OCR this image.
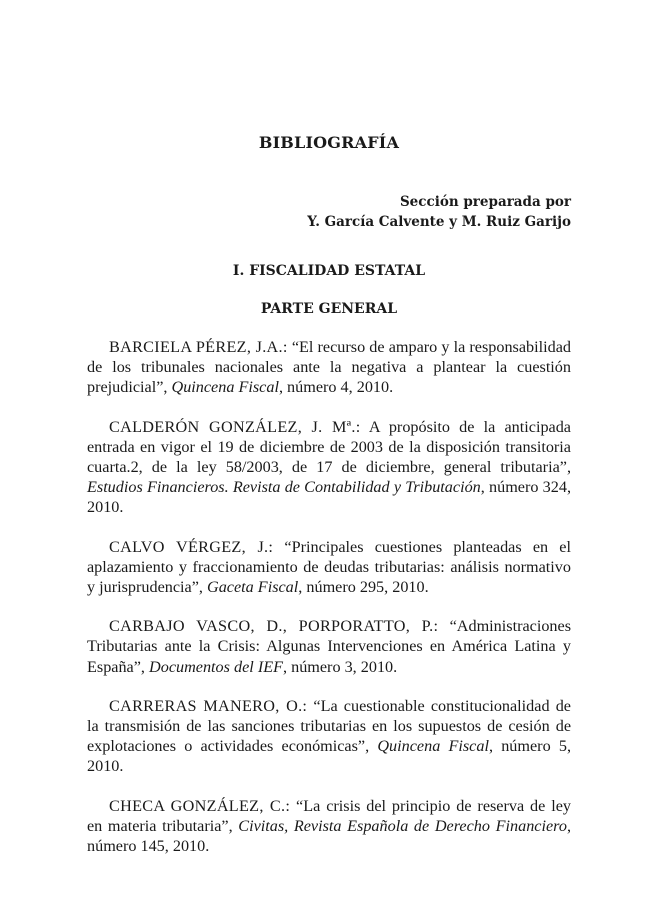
BIBLIOGRAFÍA
Sección preparada por
Y. García Calvente y M. Ruiz Garijo
I. FISCALIDAD ESTATAL
PARTE GENERAL

BARCIELA PÉREZ, J.A.: “El recurso de amparo y la responsabilidad de los tribunales nacionales ante la negativa a plantear la cuestión prejudicial”, Quincena Fiscal, número 4, 2010.

CALDERÓN GONZÁLEZ, J. Mª.: A propósito de la anticipada entrada en vigor el 19 de diciembre de 2003 de la disposición transitoria cuarta.2, de la ley 58/2003, de 17 de diciembre, general tributaria”, Estudios Financieros. Revista de Contabilidad y Tributación, número 324, 2010.

CALVO VÉRGEZ, J.: “Principales cuestiones planteadas en el aplazamiento y fraccionamiento de deudas tributarias: análisis normativo y jurisprudencia”, Gaceta Fiscal, número 295, 2010.

CARBAJO VASCO, D., PORPORATTO, P.: “Administraciones Tributarias ante la Crisis: Algunas Intervenciones en América Latina y España”, Documentos del IEF, número 3, 2010.

CARRERAS MANERO, O.: “La cuestionable constitucionalidad de la transmisión de las sanciones tributarias en los supuestos de cesión de explotaciones o actividades económicas”, Quincena Fiscal, número 5, 2010.

CHECA GONZÁLEZ, C.: “La crisis del principio de reserva de ley en materia tributaria”, Civitas, Revista Española de Derecho Financiero, número 145, 2010.
